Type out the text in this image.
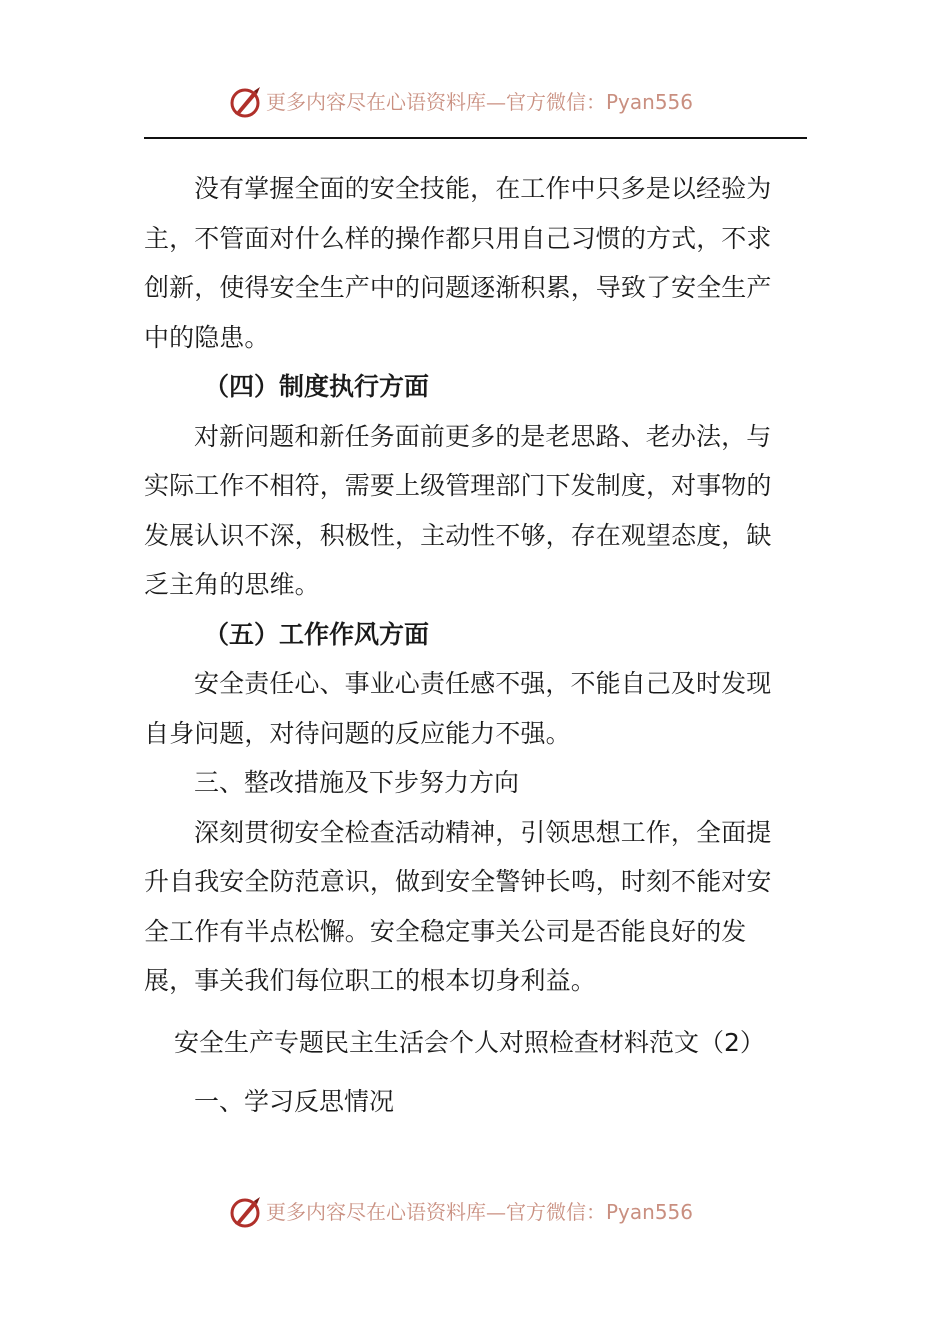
更多内容尽在心语资料库—官方微信：Pyan556

没有掌握全面的安全技能，在工作中只多是以经验为主，不管面对什么样的操作都只用自己习惯的方式，不求创新，使得安全生产中的问题逐渐积累，导致了安全生产中的隐患。

（四）制度执行方面

对新问题和新任务面前更多的是老思路、老办法，与实际工作不相符，需要上级管理部门下发制度，对事物的发展认识不深，积极性，主动性不够，存在观望态度，缺乏主角的思维。

（五）工作作风方面

安全责任心、事业心责任感不强，不能自己及时发现自身问题，对待问题的反应能力不强。

三、整改措施及下步努力方向

深刻贯彻安全检查活动精神，引领思想工作，全面提升自我安全防范意识，做到安全警钟长鸣，时刻不能对安全工作有半点松懈。安全稳定事关公司是否能良好的发展，事关我们每位职工的根本切身利益。

安全生产专题民主生活会个人对照检查材料范文（2）

一、学习反思情况

更多内容尽在心语资料库—官方微信：Pyan556
